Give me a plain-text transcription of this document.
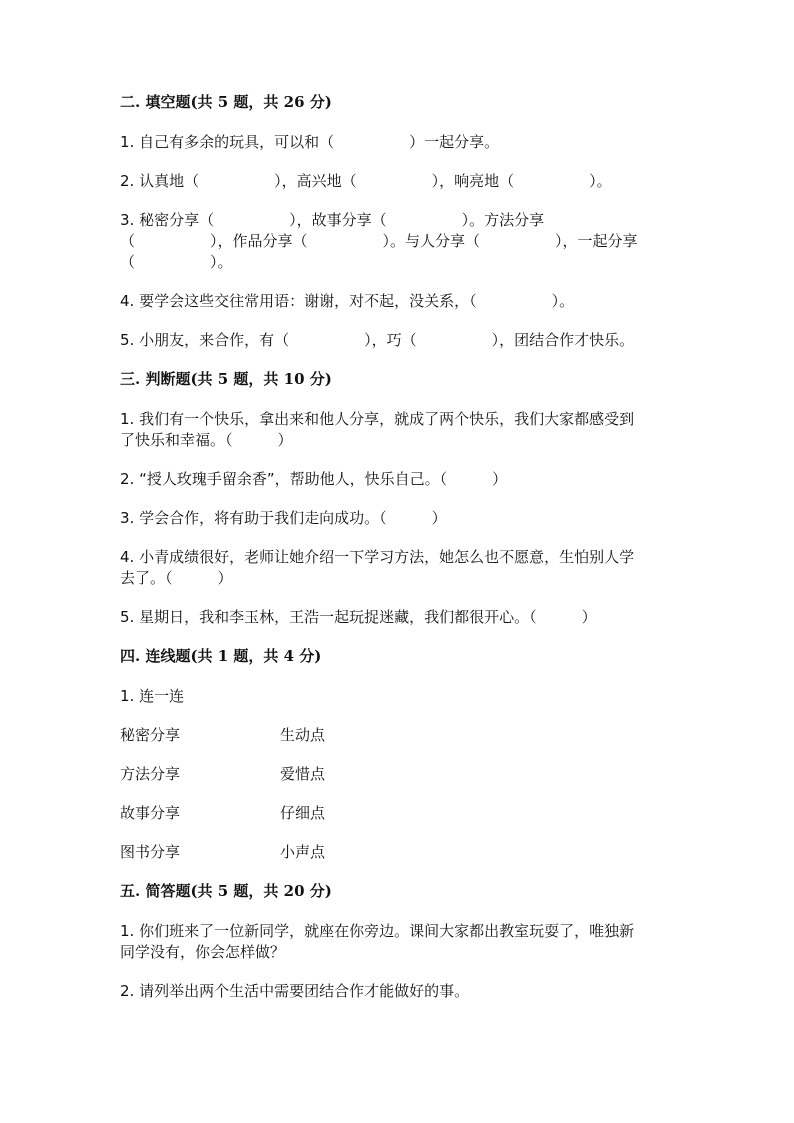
二. 填空题(共 5 题，共 26 分)
1. 自己有多余的玩具，可以和（　　　　　）一起分享。
2. 认真地（　　　　　），高兴地（　　　　　），响亮地（　　　　　）。
3. 秘密分享（　　　　　），故事分享（　　　　　）。方法分享
（　　　　　），作品分享（　　　　　）。与人分享（　　　　　），一起分享
（　　　　　）。
4. 要学会这些交往常用语：谢谢，对不起，没关系，（　　　　　）。
5. 小朋友，来合作，有（　　　　　），巧（　　　　　），团结合作才快乐。
三. 判断题(共 5 题，共 10 分)
1. 我们有一个快乐，拿出来和他人分享，就成了两个快乐，我们大家都感受到
了快乐和幸福。（　　　）
2. “授人玫瑰手留余香”，帮助他人，快乐自己。（　　　）
3. 学会合作，将有助于我们走向成功。（　　　）
4. 小青成绩很好，老师让她介绍一下学习方法，她怎么也不愿意，生怕别人学
去了。（　　　）
5. 星期日，我和李玉林，王浩一起玩捉迷藏，我们都很开心。（　　　）
四. 连线题(共 1 题，共 4 分)
1. 连一连
秘密分享	生动点
方法分享	爱惜点
故事分享	仔细点
图书分享	小声点
五. 简答题(共 5 题，共 20 分)
1. 你们班来了一位新同学，就座在你旁边。课间大家都出教室玩耍了，唯独新
同学没有，你会怎样做？
2. 请列举出两个生活中需要团结合作才能做好的事。
